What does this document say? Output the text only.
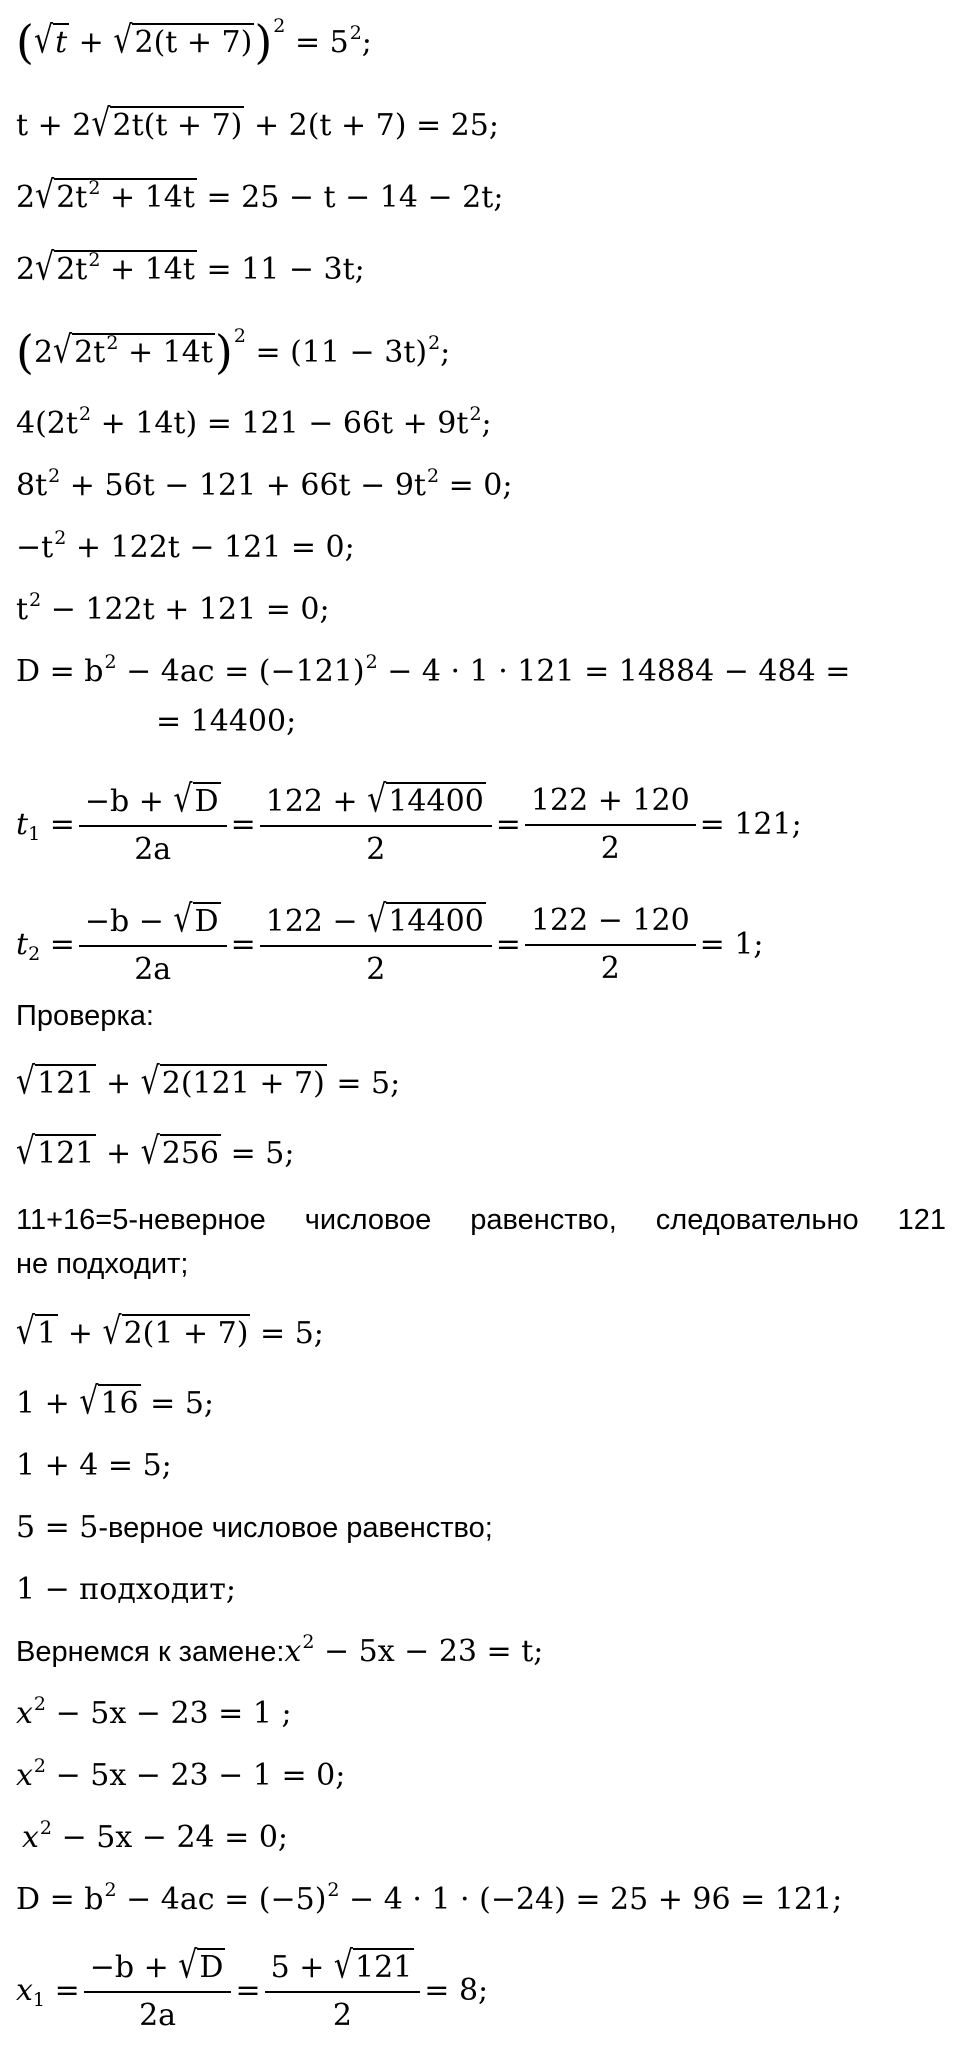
$(√t + √2(t + 7))^2 = 5^2$;
t + 2√2t(t + 7) + 2(t + 7) = 25;
$2√2t^2 + 14t = 25 - t - 14 - 2t$;
$2√2t^2 + 14t = 11 - 3t$;
$(2√2t^2 + 14t)^2 = (11 - 3t)^2$;
$4(2t^2 + 14t) = 121 - 66t + 9t^2$;
$8t^2 + 56t - 121 + 66t - 9t^2 = 0$;
$-t^2 + 122t - 121 = 0$;
$t^2 - 122t + 121 = 0$;
$D = b^2 - 4ac = (-121)^2 - 4 \cdot 1 \cdot 121 = 14884 - 484$ =
= 14400;
$t_1$
= $\frac{-b + √D}{2a} = \frac{122 + √14400}{2} = \frac{122 + 120}{2} = 121$;
$t_2$
= $\frac{-b - √D}{2a} = \frac{122 - √14400}{2} = \frac{122 - 120}{2} = 1$;
Проверка:
√121 + √2(121 + 7) = 5;
√121 + √256 = 5;
11+16=5-неверное числовое равенство, следовательно 121
не подходит;
√1 + √2(1 + 7) = 5;
1 + √16 = 5;
1 + 4 = 5;
5 = 5-верное числовое равенство;
1 − подходит;
Вернемся к $замене:x^2 - 5x - 23 = t$;
$x^2 - 5x - 23 = 1$ ;
$x^2 - 5x - 23 - 1 = 0$;
$x^2 - 5x - 24 = 0$;
$D = b^2 - 4ac = (-5)^2 - 4 \cdot 1 \cdot (-24) = 25 + 96 = 121$;
$x_1$
= $\frac{-b + √D}{2a} = \frac{5 + √121}{2} = 8$;
